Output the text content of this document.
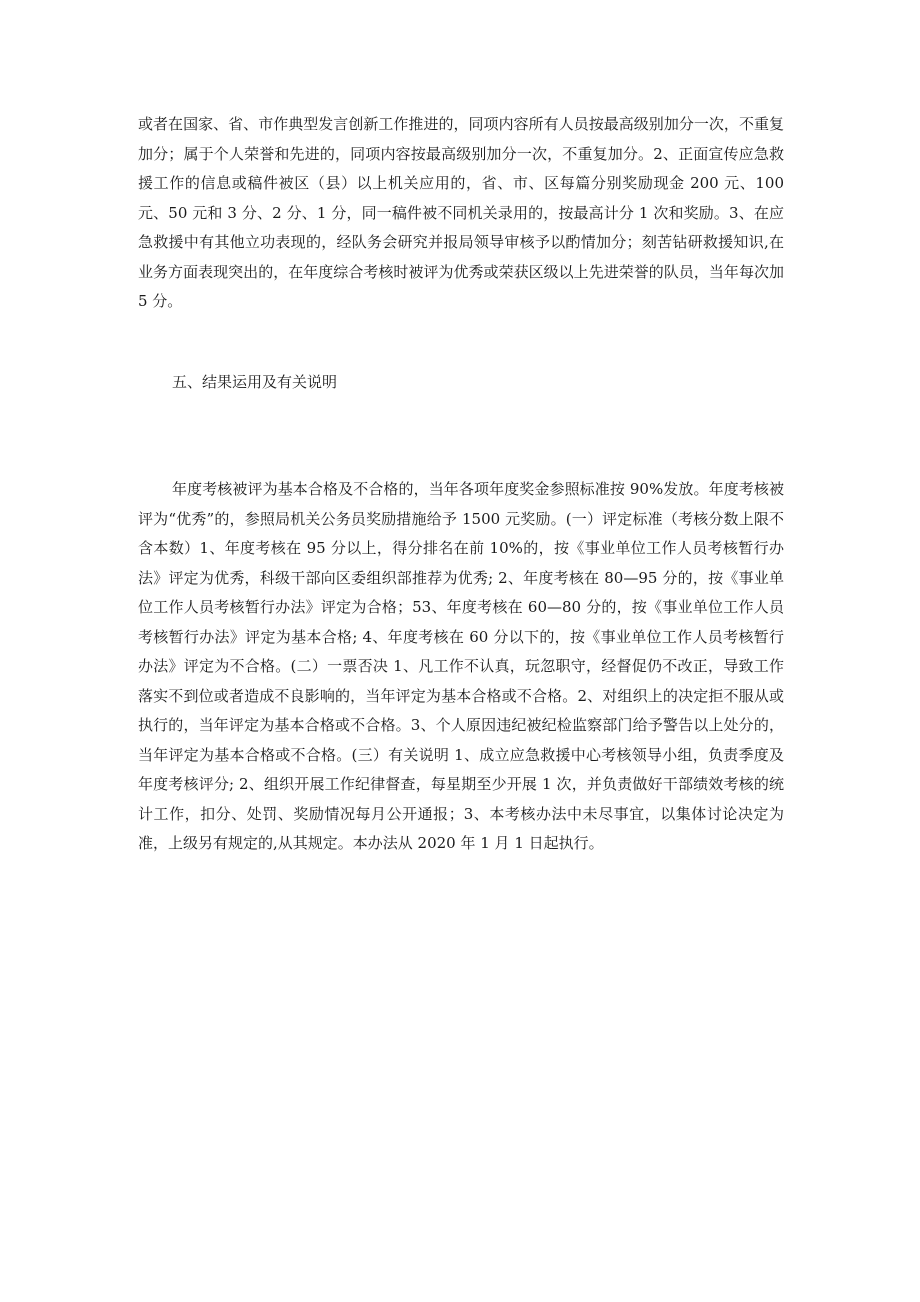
或者在国家、省、市作典型发言创新工作推进的，同项内容所有人员按最高级别加分一次，不重复加分；属于个人荣誉和先进的，同项内容按最高级别加分一次，不重复加分。2、正面宣传应急救援工作的信息或稿件被区（县）以上机关应用的，省、市、区每篇分别奖励现金 200 元、100 元、50 元和 3 分、2 分、1 分，同一稿件被不同机关录用的，按最高计分 1 次和奖励。3、在应急救援中有其他立功表现的，经队务会研究并报局领导审核予以酌情加分；刻苦钻研救援知识,在业务方面表现突出的，在年度综合考核时被评为优秀或荣获区级以上先进荣誉的队员，当年每次加 5 分。

五、结果运用及有关说明

年度考核被评为基本合格及不合格的，当年各项年度奖金参照标准按 90%发放。年度考核被评为“优秀”的，参照局机关公务员奖励措施给予 1500 元奖励。(一）评定标准（考核分数上限不含本数）1、年度考核在 95 分以上，得分排名在前 10%的，按《事业单位工作人员考核暂行办法》评定为优秀，科级干部向区委组织部推荐为优秀; 2、年度考核在 80—95 分的，按《事业单位工作人员考核暂行办法》评定为合格；53、年度考核在 60—80 分的，按《事业单位工作人员考核暂行办法》评定为基本合格; 4、年度考核在 60 分以下的，按《事业单位工作人员考核暂行办法》评定为不合格。(二）一票否决 1、凡工作不认真，玩忽职守，经督促仍不改正，导致工作落实不到位或者造成不良影响的，当年评定为基本合格或不合格。2、对组织上的决定拒不服从或执行的，当年评定为基本合格或不合格。3、个人原因违纪被纪检监察部门给予警告以上处分的，当年评定为基本合格或不合格。(三）有关说明 1、成立应急救援中心考核领导小组，负责季度及年度考核评分; 2、组织开展工作纪律督查，每星期至少开展 1 次，并负责做好干部绩效考核的统计工作，扣分、处罚、奖励情况每月公开通报；3、本考核办法中未尽事宜，以集体讨论决定为准，上级另有规定的,从其规定。本办法从 2020 年 1 月 1 日起执行。
